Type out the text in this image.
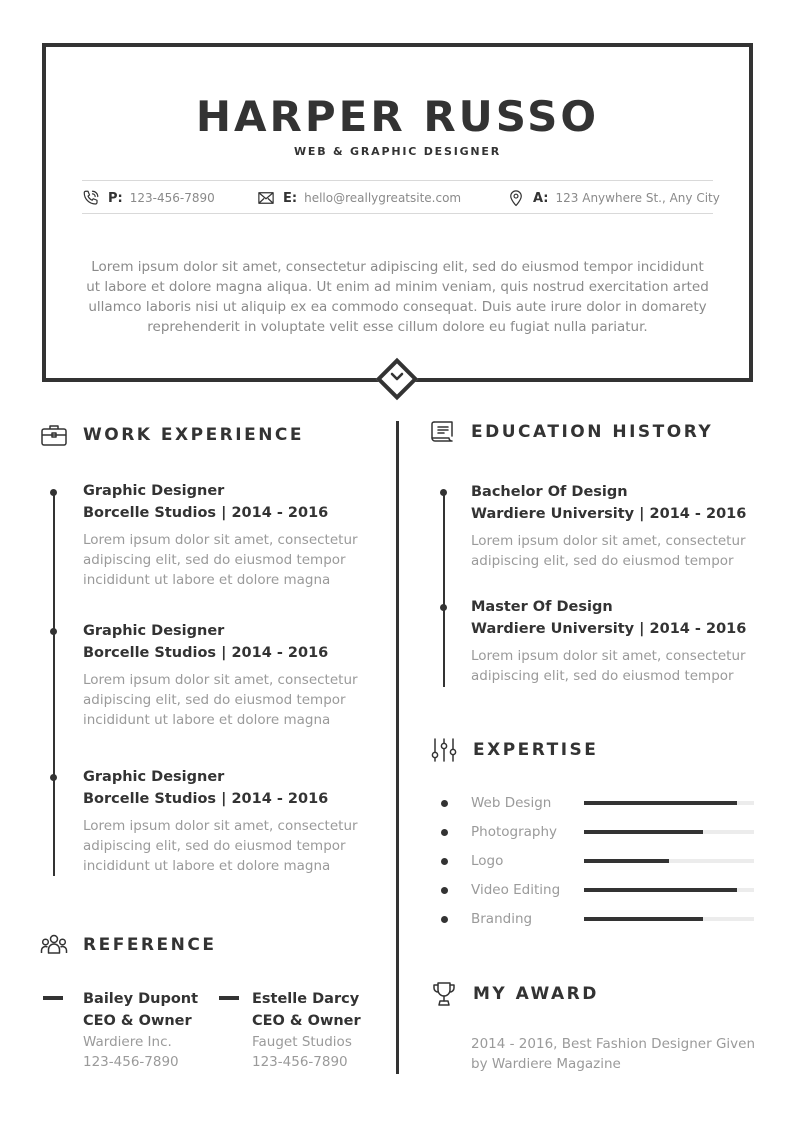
HARPER RUSSO
WEB & GRAPHIC DESIGNER
P: 123-456-7890	E: hello@reallygreatsite.com	A: 123 Anywhere St., Any City
Lorem ipsum dolor sit amet, consectetur adipiscing elit, sed do eiusmod tempor incididunt ut labore et dolore magna aliqua. Ut enim ad minim veniam, quis nostrud exercitation arted ullamco laboris nisi ut aliquip ex ea commodo consequat. Duis aute irure dolor in domarety reprehenderit in voluptate velit esse cillum dolore eu fugiat nulla pariatur.
WORK EXPERIENCE
Graphic Designer
Borcelle Studios | 2014 - 2016
Lorem ipsum dolor sit amet, consectetur adipiscing elit, sed do eiusmod tempor incididunt ut labore et dolore magna
Graphic Designer
Borcelle Studios | 2014 - 2016
Lorem ipsum dolor sit amet, consectetur adipiscing elit, sed do eiusmod tempor incididunt ut labore et dolore magna
Graphic Designer
Borcelle Studios | 2014 - 2016
Lorem ipsum dolor sit amet, consectetur adipiscing elit, sed do eiusmod tempor incididunt ut labore et dolore magna
REFERENCE
Bailey Dupont
CEO & Owner
Wardiere Inc.
123-456-7890
Estelle Darcy
CEO & Owner
Fauget Studios
123-456-7890
EDUCATION HISTORY
Bachelor Of Design
Wardiere University | 2014 - 2016
Lorem ipsum dolor sit amet, consectetur adipiscing elit, sed do eiusmod tempor
Master Of Design
Wardiere University | 2014 - 2016
Lorem ipsum dolor sit amet, consectetur adipiscing elit, sed do eiusmod tempor
EXPERTISE
Web Design
Photography
Logo
Video Editing
Branding
MY AWARD
2014 - 2016, Best Fashion Designer Given by Wardiere Magazine
